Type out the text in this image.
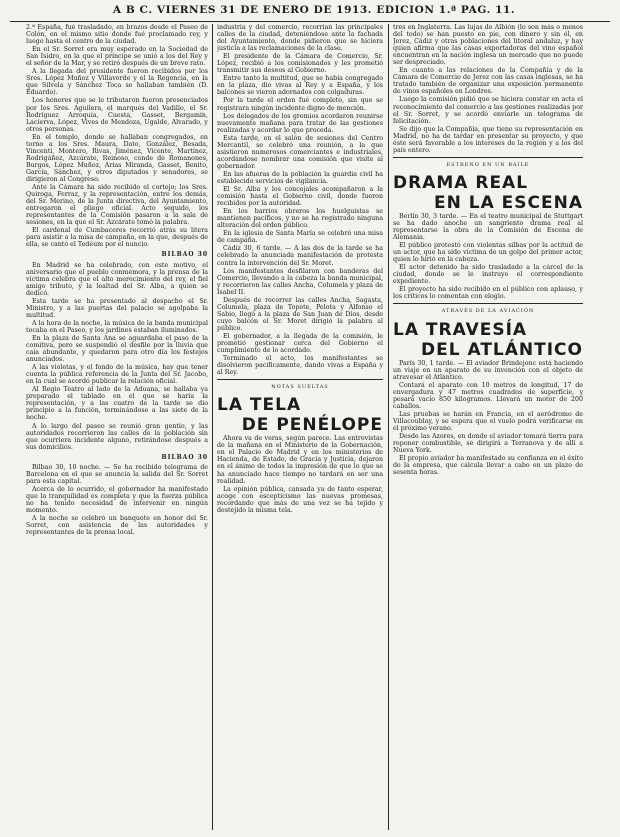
A B C. VIERNES 31 DE ENERO DE 1913. EDICION 1.ª PAG. 11.

2.ª España, fué trasladado, en brazos desde el Paseo de Colón, en el mismo sitio donde fué proclamado rey, y luego hasta el centro de la ciudad.

En el Sr. Sorret era muy esperado en la Sociedad de San Isidro, en la que el príncipe se unió a los del Rey y el señor de la Mar, y se retiró después de un breve rato.

A la llegada del presidente fueron recibidos por los Sres. López Muñoz y Villaverde y el la Regencia, en la que Silvela y Sánchez Toca se hallaban también (D. Eduardo).

Los honores que se le tributaron fueron presenciados por los Sres. Aguilera, el marqués del Vadillo, el Sr. Rodríguez Arroquia, Cuesta, Gasset, Bergamín, Lacierva, López, Vives de Mendoza, Ugalde, Alvarado, y otros personas.

En el templo, donde se hallaban congregados, en torno a los Sres. Maura, Dato, González, Besada, Vincenti, Montero, Rivas, Jiménez, Vicente, Martínez, Rodrigáñez, Azcárate, Reinoso, conde de Romanones, Burgos, López Muñoz, Arias Miranda, Gasset, Benito, García, Sánchez, y otros diputados y senadores, se dirigieron al Congreso.

Ante la Cámara ha sido recibido el cortejo; los Sres. Quiroga, Ferraz, y la representación, entre los demás, del Sr. Merino, de la Junta directiva, del Ayuntamiento, entregaron el pliego oficial. Acto seguido, los representantes de la Comisión pasaron a la sala de sesiones, en la que el Sr. Azcárate tomó la palabra.

El cardenal de Cumbaceres recorrió atrás su litera para asistir a la misa de campaña, en la que, después de ella, se cantó el Tedéum por el nuncio.

BILBAO 30

En Madrid se ha celebrado, con este motivo, el aniversario que el pueblo conmemora, y la prensa de la víctima celebra que el alto merecimiento del rey, el fiel amigo tributo, y la lealtad del Sr. Alba, a quien se dedicó.

Esta tarde se ha presentado al despacho el Sr. Ministro, y a las puertas del palacio se agolpaba la multitud.

A la hora de la noche, la música de la banda municipal tocaba en el Paseo, y los jardines estaban iluminados.

En la plaza de Santa Ana se aguardaba el paso de la comitiva, pero se suspendió el desfile por la lluvia que caía abundante, y quedaron para otro día los festejos anunciados.

A las violetas, y el fondo de la música, hay que tener cuenta la pública referencia de la Junta del Sr. Jacobo, en la cual se acordó publicar la relación oficial.

Al Regio Teatro al lado de la Aduana, se hallaba ya preparado el tablado en el que se haría la representación, y a las cuatro de la tarde se dio principio a la función, terminándose a las siete de la noche.

A lo largo del paseo se reunió gran gentío, y las autoridades recorrieron las calles de la población sin que ocurriera incidente alguno, retirándose después a sus domicilios.

BILBAO 30

Bilbao 30, 10 noche. — Se ha recibido telegrama de Barcelona en el que se anuncia la salida del Sr. Sorret para esta capital.

Acerca de lo ocurrido, el gobernador ha manifestado que la tranquilidad es completa y que la fuerza pública no ha tenido necesidad de intervenir en ningún momento.

A la noche se celebró un banquete en honor del Sr. Sorret, con asistencia de las autoridades y representantes de la prensa local.

industria y del comercio, recorrían las principales calles de la ciudad, deteniéndose ante la fachada del Ayuntamiento, donde pidieron que se hiciera justicia a las reclamaciones de la clase.

El presidente de la Cámara de Comercio, Sr. López, recibió a los comisionados y les prometió transmitir sus deseos al Gobierno.

Entre tanto la multitud, que se había congregado en la plaza, dio vivas al Rey y a España, y los balcones se vieron adornados con colgaduras.

Por la tarde el orden fué completo, sin que se registrara ningún incidente digno de mención.

Los delegados de los gremios acordaron reunirse nuevamente mañana para tratar de las gestiones realizadas y acordar lo que proceda.

Esta tarde, en el salón de sesiones del Centro Mercantil, se celebró una reunión, a la que asistieron numerosos comerciantes e industriales, acordándose nombrar una comisión que visite al gobernador.

En las afueras de la población la guardia civil ha establecido servicios de vigilancia.

El Sr. Alba y los concejales acompañaron a la comisión hasta el Gobierno civil, donde fueron recibidos por la autoridad.

En los barrios obreros los huelguistas se mantienen pacíficos, y no se ha registrado ninguna alteración del orden público.

En la iglesia de Santa María se celebró una misa de campaña.

Cádiz 30, 6 tarde. — A las dos de la tarde se ha celebrado la anunciada manifestación de protesta contra la intervención del Sr. Moret.

Los manifestantes desfilaron con banderas del Comercio, llevando a la cabeza la banda municipal, y recorrieron las calles Ancha, Columela y plaza de Isabel II.

Después de recorrer las calles Ancha, Sagasta, Columela, plaza de Topete, Pelota y Alfonso el Sabio, llegó a la plaza de San Juan de Dios, desde cuyo balcón el Sr. Moret dirigió la palabra al público.

El gobernador, a la llegada de la comisión, le prometió gestionar cerca del Gobierno el cumplimiento de lo acordado.

Terminado el acto, los manifestantes se disolvieron pacíficamente, dando vivas a España y al Rey.

NOTAS SUELTAS
LA TELA
DE PENÉLOPE

Ahora va de veras, según parece. Las entrevistas de la mañana en el Ministerio de la Gobernación, en el Palacio de Madrid y en los ministerios de Hacienda, de Estado, de Gracia y Justicia, dejaron en el ánimo de todos la impresión de que lo que se ha anunciado hace tiempo no tardará en ser una realidad.

La opinión pública, cansada ya de tanto esperar, acoge con escepticismo las nuevas promesas, recordando que más de una vez se ha tejido y destejido la misma tela.

tres en Inglaterra. Las lujas de Albión (lo son más o menos del todo) se han puesto en pie, con dinero y sin él, en Jerez, Cádiz y otras poblaciones del litoral andaluz, y hay quien afirma que las casas exportadoras del vino español encuentran en la nación inglesa un mercado que no puede ser despreciado.

En cuanto a las relaciones de la Compañía y de la Cámara de Comercio de Jerez con las casas inglesas, se ha tratado también de organizar una exposición permanente de vinos españoles en Londres.

Luego la comisión pidió que se hiciera constar en acta el reconocimiento del comercio a las gestiones realizadas por el Sr. Sorret, y se acordó enviarle un telegrama de felicitación.

Se dijo que la Compañía, que tiene su representación en Madrid, no ha de tardar en presentar su proyecto, y que éste será favorable a los intereses de la región y a los del país entero.

ESTRENO EN UN BAILE
DRAMA REAL
EN LA ESCENA

Berlín 30, 3 tarde. — En el teatro municipal de Stuttgart se ha dado anoche un sangriento drama real al representarse la obra de la Comisión de Escena de Alemania.

El público protestó con violentas silbas por la actitud de un actor, que ha sido víctima de un golpe del primer actor, quien lo hirió en la cabeza.

El actor detenido ha sido trasladado a la cárcel de la ciudad, donde se le instruye el correspondiente expediente.

El proyecto ha sido recibido en el público con aplauso, y los críticos lo comentan con elogio.

ATRAVÉS DE LA AVIACIÓN
LA TRAVESÍA
DEL ATLÁNTICO

París 30, 1 tarde. — El aviador Brindejonc está haciendo un viaje en un aparato de su invención con el objeto de atravesar el Atlántico.

Contará el aparato con 10 metros de longitud, 17 de envergadura y 47 metros cuadrados de superficie, y pesará vacío 850 kilogramos. Llevará un motor de 200 caballos.

Las pruebas se harán en Francia, en el aeródromo de Villacoublay, y se espera que el vuelo podrá verificarse en el próximo verano.

Desde las Azores, en donde el aviador tomará tierra para reponer combustible, se dirigirá a Terranova y de allí a Nueva York.

El propio aviador ha manifestado su confianza en el éxito de la empresa, que calcula llevar a cabo en un plazo de sesenta horas.
